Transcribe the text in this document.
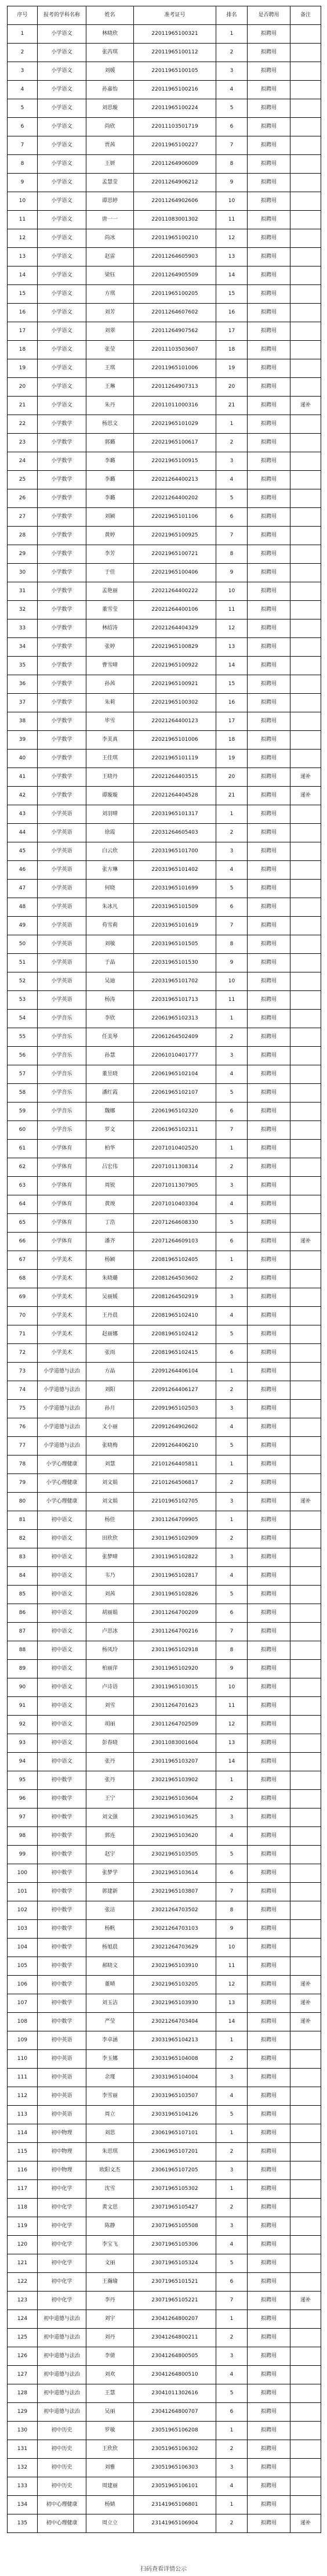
序号	报考的学科名称	姓名	准考证号	排名	是否聘用	备注
1	小学语文	林晓欣	22011965100321	1	拟聘用	
2	小学语文	张芮琪	22011965100112	2	拟聘用	
3	小学语文	刘媛	22011965100105	3	拟聘用	
4	小学语文	孙嘉怡	22011965100216	4	拟聘用	
5	小学语文	刘思璇	22011965100224	5	拟聘用	
6	小学语文	尚欣	22011103501719	6	拟聘用	
7	小学语文	贾茜	22011965100227	7	拟聘用	
8	小学语文	王妍	22011264906009	8	拟聘用	
9	小学语文	孟慧莹	22011264906212	9	拟聘用	
10	小学语文	谭思婷	22011264902606	10	拟聘用	
11	小学语文	唐一一	22011083001302	11	拟聘用	
12	小学语文	尚冰	22011965100210	12	拟聘用	
13	小学语文	赵雷	22011264605903	13	拟聘用	
14	小学语文	梁钰	22011264905509	14	拟聘用	
15	小学语文	方琪	22011965100205	15	拟聘用	
16	小学语文	刘芳	22011264607602	16	拟聘用	
17	小学语文	刘翠	22011264907562	17	拟聘用	
18	小学语文	张莹	22011103503607	18	拟聘用	
19	小学语文	王琪	22011965101006	19	拟聘用	
20	小学语文	王琳	22011264907313	20	拟聘用	
21	小学语文	朱丹	22011011000316	21	拟聘用	递补
22	小学数学	杨思文	22021965101029	1	拟聘用	
23	小学数学	郭璐	22021965100617	2	拟聘用	
24	小学数学	李璐	22021965100915	3	拟聘用	
25	小学数学	李璐	22021264400213	4	拟聘用	
26	小学数学	李璐	22021264400202	5	拟聘用	
27	小学数学	刘颖	22021965101106	6	拟聘用	
28	小学数学	黄婷	22021965100925	7	拟聘用	
29	小学数学	李芳	22021965100721	8	拟聘用	
30	小学数学	于佳	22021965100406	9	拟聘用	
31	小学数学	孟艳丽	22021264400222	10	拟聘用	
32	小学数学	董雪莹	22021264400106	11	拟聘用	
33	小学数学	林绍涛	22021264404329	12	拟聘用	
34	小学数学	张婷	22021965100829	13	拟聘用	
35	小学数学	曹雪晴	22021965100922	14	拟聘用	
36	小学数学	孙茜	22021965100921	15	拟聘用	
37	小学数学	朱莉	22021965100302	16	拟聘用	
38	小学数学	毕雪	22021264400123	17	拟聘用	
39	小学数学	李美真	22021965101006	18	拟聘用	
40	小学数学	王佳琪	22021965101119	19	拟聘用	
41	小学数学	王晓丹	22021264403515	20	拟聘用	递补
42	小学数学	谭璇璇	22021264404528	21	拟聘用	递补
43	小学英语	刘羽晴	22031965101317	1	拟聘用	
44	小学英语	徐霞	22031264605403	2	拟聘用	
45	小学英语	白云欣	22031965101700	3	拟聘用	
46	小学英语	张方琳	22031965101402	4	拟聘用	
47	小学英语	何晓	22031965101699	5	拟聘用	
48	小学英语	朱冰凡	22031965101509	6	拟聘用	
49	小学英语	苟雪莉	22031965101619	7	拟聘用	
50	小学英语	刘敏	22031965101505	8	拟聘用	
51	小学英语	于晶	22031965101530	9	拟聘用	
52	小学英语	吴迪	22031965101702	10	拟聘用	
53	小学英语	杨涛	22031965101713	11	拟聘用	
54	小学音乐	李欣	22061965102313	1	拟聘用	
55	小学音乐	任美琴	22061264502409	2	拟聘用	
56	小学音乐	孙慧	22061010401777	3	拟聘用	
57	小学音乐	董昱晓	22061965102104	4	拟聘用	
58	小学音乐	潘红霞	22061965102107	5	拟聘用	
59	小学音乐	魏娜	22061965102320	6	拟聘用	
60	小学音乐	罗文	22061965102311	7	拟聘用	
61	小学体育	柏华	22071010402520	1	拟聘用	
62	小学体育	吕宏伟	22071011308314	2	拟聘用	
63	小学体育	周锐	22071011307905	3	拟聘用	
64	小学体育	黄竣	22071010403304	4	拟聘用	
65	小学体育	丁浩	22071264608330	5	拟聘用	
66	小学体育	潘齐	22071264609103	6	拟聘用	递补
67	小学美术	杨颖	22081965102405	1	拟聘用	
68	小学美术	朱晓璐	22081264503602	2	拟聘用	
69	小学美术	吴丽媛	22081264502919	3	拟聘用	
70	小学美术	王丹晨	22081965102410	4	拟聘用	
71	小学美术	赵丽娜	22081965102412	5	拟聘用	
72	小学美术	张雨	22081965102415	6	拟聘用	
73	小学道德与法治	方晶	22091264406104	1	拟聘用	
74	小学道德与法治	刘阳	22091264406127	2	拟聘用	
75	小学道德与法治	孙月	22091965102503	3	拟聘用	
76	小学道德与法治	文小丽	22091264902602	4	拟聘用	
77	小学道德与法治	张晓梅	22091264406210	5	拟聘用	
78	小学心理健康	刘慧	22101264405811	1	拟聘用	
79	小学心理健康	刘文娟	22101264506817	2	拟聘用	
80	小学心理健康	刘文娟	22101965102705	3	拟聘用	递补
81	初中语文	杨佳	23011264709905	1	拟聘用	
82	初中语文	田欣欣	23011965102909	2	拟聘用	
83	初中语文	张梦晴	23011965102822	3	拟聘用	
84	初中语文	韦乃	23011965102817	4	拟聘用	
85	初中语文	刘茜	23011965102826	5	拟聘用	
86	初中语文	胡丽娟	23011264700209	6	拟聘用	
87	初中语文	卢思冰	23011264700216	7	拟聘用	
88	初中语文	杨凤玲	23011965102918	8	拟聘用	
89	初中语文	柏丽萍	23011965102920	9	拟聘用	
90	初中语文	卢诗语	23011965103015	10	拟聘用	
91	初中语文	刘雪	23011264701623	11	拟聘用	
92	初中语文	胡丽	23011264702509	12	拟聘用	
93	初中语文	彭春晓	23011083001604	13	拟聘用	
94	初中语文	张丹	23011965103207	14	拟聘用	
95	初中数学	张丹	23021965103902	1	拟聘用	
96	初中数学	王宁	23021965103604	2	拟聘用	
97	初中数学	刘文强	23021965103625	3	拟聘用	
98	初中数学	郭连	23021965103620	4	拟聘用	
99	初中数学	赵宇	23021965103505	5	拟聘用	
100	初中数学	张梦学	23021965103614	6	拟聘用	
101	初中数学	郭建新	23021965103807	7	拟聘用	
102	初中数学	张洁	23021264703502	8	拟聘用	
103	初中数学	杨帆	23021264703103	9	拟聘用	
104	初中数学	杨旭晨	23021264703629	10	拟聘用	
105	初中数学	郝晓文	23021965103910	11	拟聘用	
106	初中数学	董晴	23021965103205	12	拟聘用	递补
107	初中数学	刘玉洁	23021965103930	13	拟聘用	递补
108	初中数学	严莹	23021264703404	14	拟聘用	递补
109	初中英语	李卓涵	23031965104213	1	拟聘用	
110	初中英语	李玉娜	23031965104008	2	拟聘用	
111	初中英语	余瑾	23031965104004	3	拟聘用	
112	初中英语	李雪丽	23031965103507	4	拟聘用	
113	初中英语	周立	23031965104126	5	拟聘用	
114	初中物理	刘思	23061965107101	1	拟聘用	
115	初中物理	朱思琪	23061965107201	2	拟聘用	
116	初中物理	欧阳文杰	23061965107205	3	拟聘用	
117	初中化学	沈雪	23071965105302	1	拟聘用	
118	初中化学	黄文思	23071965105427	2	拟聘用	
119	初中化学	陈静	23071965105508	3	拟聘用	
120	初中化学	李宝飞	23071965105306	4	拟聘用	
121	初中化学	文丽	23071965105324	5	拟聘用	
122	初中化学	王瀚瑜	23071965101521	6	拟聘用	
123	初中化学	李丹	23071965105221	7	拟聘用	递补
124	初中道德与法治	刘宇	23041264800207	1	拟聘用	
125	初中道德与法治	刘丹	23041264800211	2	拟聘用	
126	初中道德与法治	李倩	23041264800505	3	拟聘用	
127	初中道德与法治	刘欢	23041264800510	4	拟聘用	
128	初中道德与法治	王慧	23041011302616	5	拟聘用	
129	初中道德与法治	吴丽	23041264800707	6	拟聘用	
130	初中历史	罗敏	23051965106208	1	拟聘用	
131	初中历史	王欣欣	23051965106302	2	拟聘用	
132	初中历史	刘雅	23051965106303	3	拟聘用	
133	初中历史	周建丽	23051965106101	4	拟聘用	
134	初中心理健康	杨婧	23141965106801	1	拟聘用	
135	初中心理健康	周立立	23141965106904	2	拟聘用	递补
扫码查看详情公示
